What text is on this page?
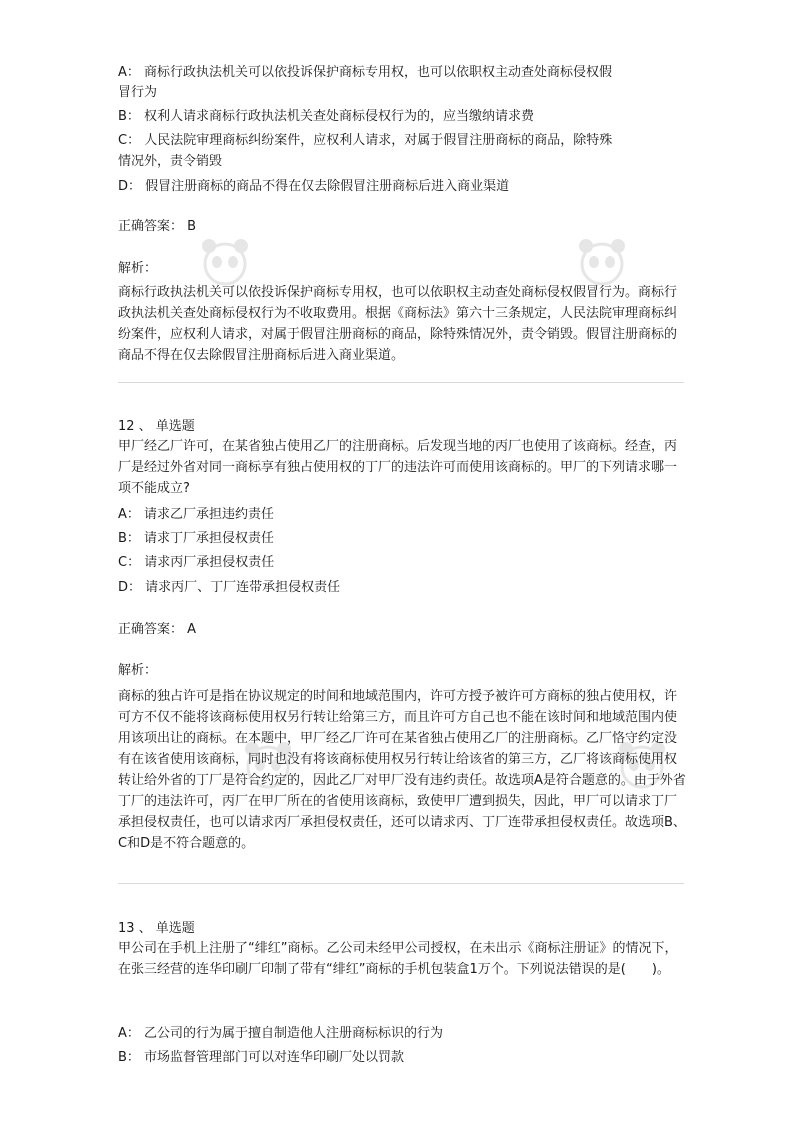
A： 商标行政执法机关可以依投诉保护商标专用权，也可以依职权主动查处商标侵权假
冒行为
B： 权利人请求商标行政执法机关查处商标侵权行为的，应当缴纳请求费
C： 人民法院审理商标纠纷案件，应权利人请求，对属于假冒注册商标的商品，除特殊
情况外，责令销毁
D： 假冒注册商标的商品不得在仅去除假冒注册商标后进入商业渠道
正确答案： B
解析：
商标行政执法机关可以依投诉保护商标专用权，也可以依职权主动查处商标侵权假冒行为。商标行政执法机关查处商标侵权行为不收取费用。根据《商标法》第六十三条规定，人民法院审理商标纠纷案件，应权利人请求，对属于假冒注册商标的商品，除特殊情况外，责令销毁。假冒注册商标的商品不得在仅去除假冒注册商标后进入商业渠道。
12 、 单选题
甲厂经乙厂许可，在某省独占使用乙厂的注册商标。后发现当地的丙厂也使用了该商标。经查，丙厂是经过外省对同一商标享有独占使用权的丁厂的违法许可而使用该商标的。甲厂的下列请求哪一项不能成立?
A： 请求乙厂承担违约责任
B： 请求丁厂承担侵权责任
C： 请求丙厂承担侵权责任
D： 请求丙厂、丁厂连带承担侵权责任
正确答案： A
解析：
商标的独占许可是指在协议规定的时间和地域范围内，许可方授予被许可方商标的独占使用权，许可方不仅不能将该商标使用权另行转让给第三方，而且许可方自己也不能在该时间和地域范围内使用该项出让的商标。在本题中，甲厂经乙厂许可在某省独占使用乙厂的注册商标。乙厂恪守约定没有在该省使用该商标，同时也没有将该商标使用权另行转让给该省的第三方，乙厂将该商标使用权转让给外省的丁厂是符合约定的，因此乙厂对甲厂没有违约责任。故选项A是符合题意的。由于外省丁厂的违法许可，丙厂在甲厂所在的省使用该商标，致使甲厂遭到损失，因此，甲厂可以请求丁厂承担侵权责任，也可以请求丙厂承担侵权责任，还可以请求丙、丁厂连带承担侵权责任。故选项B、C和D是不符合题意的。
13 、 单选题
甲公司在手机上注册了“绯红”商标。乙公司未经甲公司授权，在未出示《商标注册证》的情况下，在张三经营的连华印刷厂印制了带有“绯红”商标的手机包装盒1万个。下列说法错误的是(　　)。
A： 乙公司的行为属于擅自制造他人注册商标标识的行为
B： 市场监督管理部门可以对连华印刷厂处以罚款
